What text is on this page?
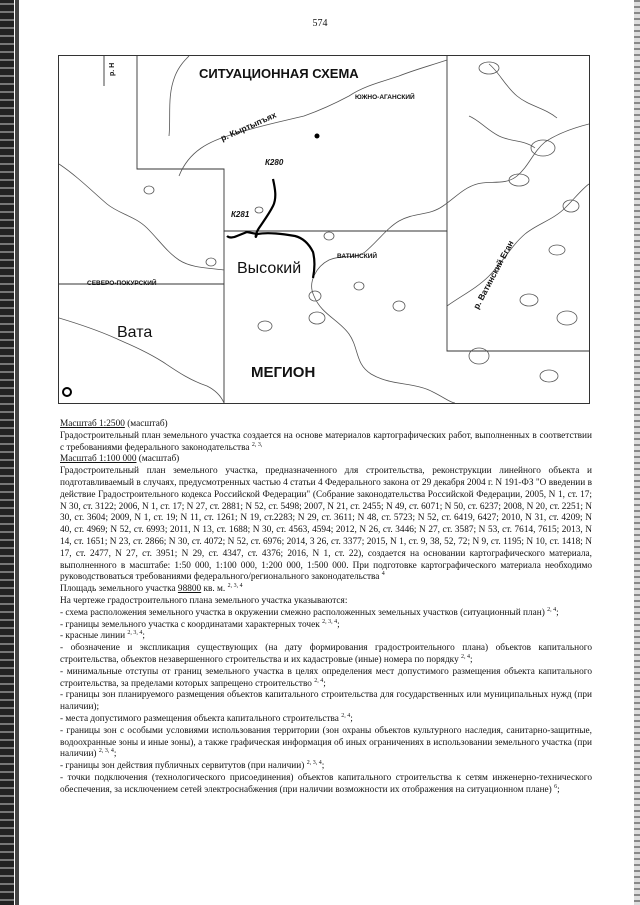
574
СИТУАЦИОННАЯ СХЕМА
ЮЖНО-АГАНСКИЙ
р. Кыртыпъях
К280
К281
ВАТИНСКИЙ
Высокий
СЕВЕРО-ПОКУРСКИЙ
Вата
МЕГИОН
р. Ватинский Еган
р. Н

Масштаб 1:2500 (масштаб)

Градостроительный план земельного участка создается на основе материалов картографических работ, выполненных в соответствии с требованиями федерального законодательства $^{2, 3,}$

Масштаб 1:100 000 (масштаб)

Градостроительный план земельного участка, предназначенного для строительства, реконструкции линейного объекта и подготавливаемый в случаях, предусмотренных частью 4 статьи 4 Федерального закона от 29 декабря 2004 г. N 191-ФЗ "О введении в действие Градостроительного кодекса Российской Федерации" (Собрание законодательства Российской Федерации, 2005, N 1, ст. 17; N 30, ст. 3122; 2006, N 1, ст. 17; N 27, ст. 2881; N 52, ст. 5498; 2007, N 21, ст. 2455; N 49, ст. 6071; N 50, ст. 6237; 2008, N 20, ст. 2251; N 30, ст. 3604; 2009, N 1, ст. 19; N 11, ст. 1261; N 19, ст.2283; N 29, ст. 3611; N 48, ст. 5723; N 52, ст. 6419, 6427; 2010, N 31, ст. 4209; N 40, ст. 4969; N 52, ст. 6993; 2011, N 13, ст. 1688; N 30, ст. 4563, 4594; 2012, N 26, ст. 3446; N 27, ст. 3587; N 53, ст. 7614, 7615; 2013, N 14, ст. 1651; N 23, ст. 2866; N 30, ст. 4072; N 52, ст. 6976; 2014, 3 26, ст. 3377; 2015, N 1, ст. 9, 38, 52, 72; N 9, ст. 1195; N 10, ст. 1418; N 17, ст. 2477, N 27, ст. 3951; N 29, ст. 4347, ст. 4376; 2016, N 1, ст. 22), создается на основании картографического материала, выполненного в масштабе: 1:50 000, 1:100 000, 1:200 000, 1:500 000. При подготовке картографического материала необходимо руководствоваться требованиями федерального/регионального законодательства $^4$

Площадь земельного участка 98800 кв. м. $^{2, 3, 4}$

На чертеже градостроительного плана земельного участка указываются:

- схема расположения земельного участка в окружении смежно расположенных земельных участков (ситуационный план) $^{2, 4}$;

- границы земельного участка с координатами характерных точек $^{2, 3, 4}$;

- красные линии $^{2, 3, 4}$;

- обозначение и экспликация существующих (на дату формирования градостроительного плана) объектов капитального строительства, объектов незавершенного строительства и их кадастровые (иные) номера по порядку $^{2, 4}$;

- минимальные отступы от границ земельного участка в целях определения мест допустимого размещения объекта капитального строительства, за пределами которых запрещено строительство $^{2, 4}$;

- границы зон планируемого размещения объектов капитального строительства для государственных или муниципальных нужд (при наличии);

- места допустимого размещения объекта капитального строительства $^{2, 4}$;

- границы зон с особыми условиями использования территории (зон охраны объектов культурного наследия, санитарно-защитные, водоохранные зоны и иные зоны), а также графическая информация об иных ограничениях в использовании земельного участка (при наличии) $^{2, 3, 4}$;

- границы зон действия публичных сервитутов (при наличии) $^{2, 3, 4}$;

- точки подключения (технологического присоединения) объектов капитального строительства к сетям инженерно-технического обеспечения, за исключением сетей электроснабжения (при наличии возможности их отображения на ситуационном плане) $^6$;
